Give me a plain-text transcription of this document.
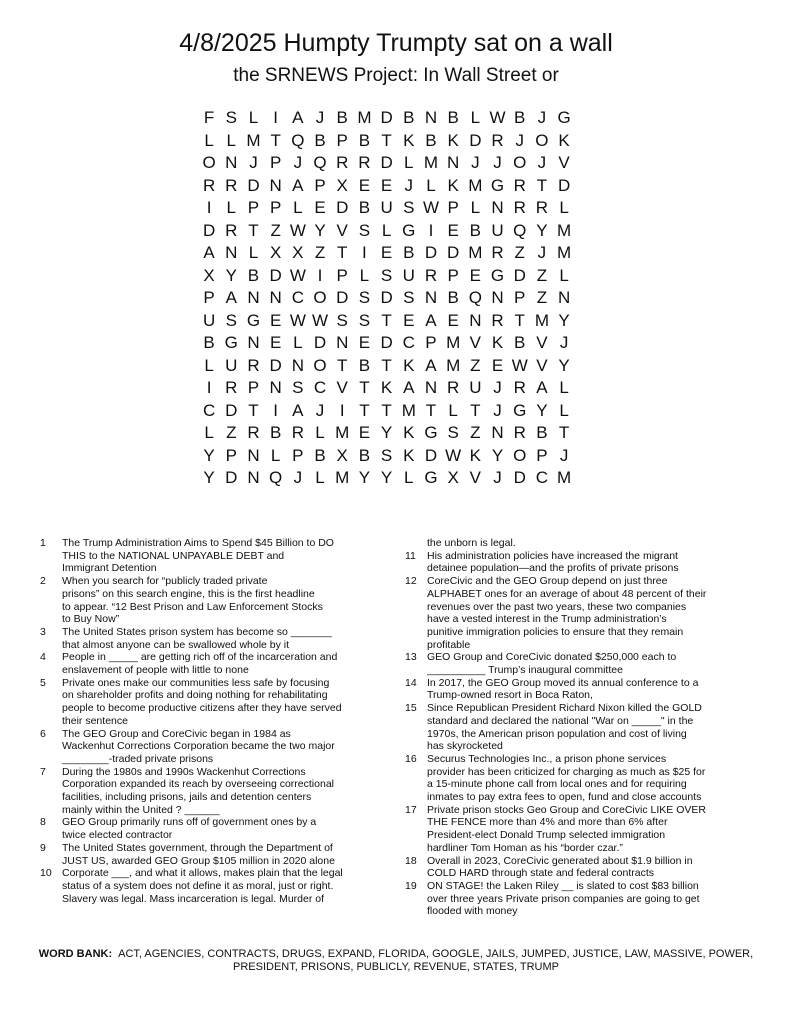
4/8/2025 Humpty Trumpty sat on a wall
the SRNEWS Project: In Wall Street or
F S L I A J B M D B N B L W B J G
L L M T Q B P B T K B K D R J O K
O N J P J Q R R D L M N J J O J V
R R D N A P X E E J L K M G R T D
I L P P L E D B U S W P L N R R L
D R T Z W Y V S L G I E B U Q Y M
A N L X X Z T I E B D D M R Z J M
X Y B D W I P L S U R P E G D Z L
P A N N C O D S D S N B Q N P Z N
U S G E W W S S T E A E N R T M Y
B G N E L D N E D C P M V K B V J
L U R D N O T B T K A M Z E W V Y
I R P N S C V T K A N R U J R A L
C D T I A J I T T M T L T J G Y L
L Z R B R L M E Y K G S Z N R B T
Y P N L P B X B S K D W K Y O P J
Y D N Q J L M Y Y L G X V J D C M
1	The Trump Administration Aims to Spend $45 Billion to DO
THIS to the NATIONAL UNPAYABLE DEBT and
Immigrant Detention
2	When you search for “publicly traded private
prisons” on this search engine, this is the first headline
to appear. “12 Best Prison and Law Enforcement Stocks
to Buy Now”
3	The United States prison system has become so _______
that almost anyone can be swallowed whole by it
4	People in _____ are getting rich off of the incarceration and
enslavement of people with little to none
5	Private ones make our communities less safe by focusing
on shareholder profits and doing nothing for rehabilitating
people to become productive citizens after they have served
their sentence
6	The GEO Group and CoreCivic began in 1984 as
Wackenhut Corrections Corporation became the two major
________-traded private prisons
7	During the 1980s and 1990s Wackenhut Corrections
Corporation expanded its reach by overseeing correctional
facilities, including prisons, jails and detention centers
mainly within the United ? ______
8	GEO Group primarily runs off of government ones by a
twice elected contractor
9	The United States government, through the Department of
JUST US, awarded GEO Group $105 million in 2020 alone
10 Corporate ___, and what it allows, makes plain that the legal
status of a system does not define it as moral, just or right.
Slavery was legal. Mass incarceration is legal. Murder of
the unborn is legal.
11	His administration policies have increased the migrant
detainee population—and the profits of private prisons
12 CoreCivic and the GEO Group depend on just three
ALPHABET ones for an average of about 48 percent of their
revenues over the past two years, these two companies
have a vested interest in the Trump administration’s
punitive immigration policies to ensure that they remain
profitable
13 GEO Group and CoreCivic donated $250,000 each to
__________ Trump’s inaugural committee
14 In 2017, the GEO Group moved its annual conference to a
Trump-owned resort in Boca Raton,
15 Since Republican President Richard Nixon killed the GOLD
standard and declared the national "War on _____" in the
1970s, the American prison population and cost of living
has skyrocketed
16 Securus Technologies Inc., a prison phone services
provider has been criticized for charging as much as $25 for
a 15-minute phone call from local ones and for requiring
inmates to pay extra fees to open, fund and close accounts
17 Private prison stocks Geo Group and CoreCivic LIKE OVER
THE FENCE more than 4% and more than 6% after
President-elect Donald Trump selected immigration
hardliner Tom Homan as his “border czar.”
18 Overall in 2023, CoreCivic generated about $1.9 billion in
COLD HARD through state and federal contracts
19 ON STAGE! the Laken Riley __ is slated to cost $83 billion
over three years Private prison companies are going to get
flooded with money
WORD BANK: ACT, AGENCIES, CONTRACTS, DRUGS, EXPAND, FLORIDA, GOOGLE, JAILS, JUMPED, JUSTICE, LAW, MASSIVE, POWER, PRESIDENT, PRISONS, PUBLICLY, REVENUE, STATES, TRUMP
